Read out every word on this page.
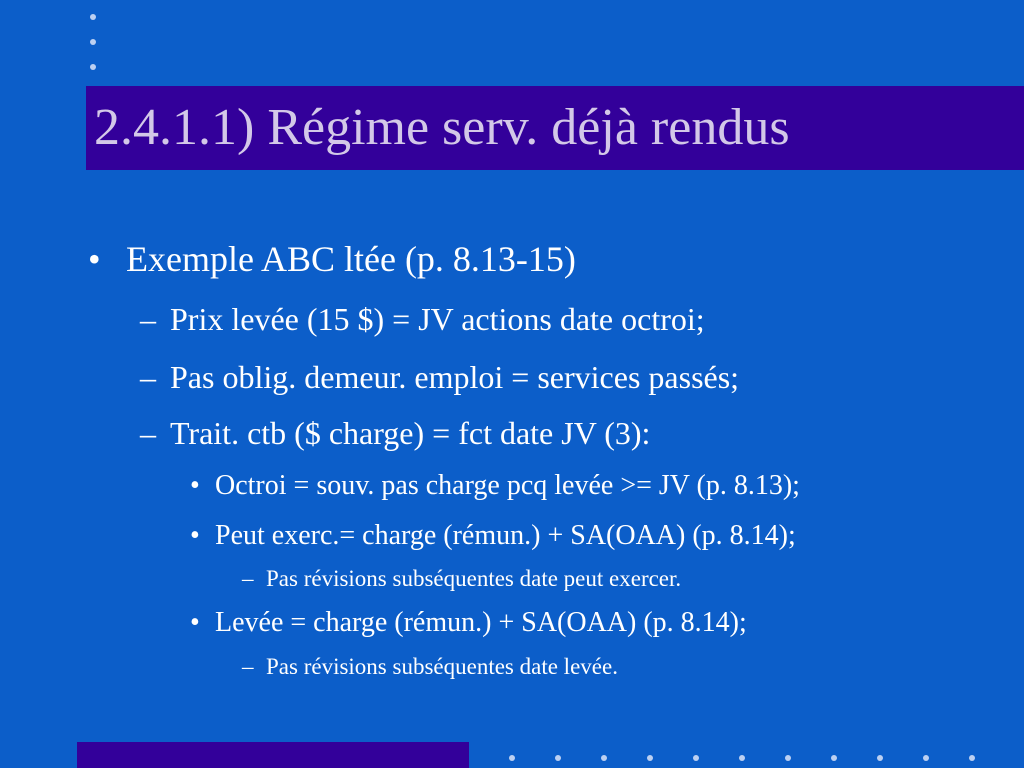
2.4.1.1) Régime serv. déjà rendus
• Exemple ABC ltée (p. 8.13-15)
– Prix levée (15 $) = JV actions date octroi;
– Pas oblig. demeur. emploi = services passés;
– Trait. ctb ($ charge) = fct date JV (3):
• Octroi = souv. pas charge pcq levée >= JV (p. 8.13);
• Peut exerc.= charge (rémun.) + SA(OAA) (p. 8.14);
– Pas révisions subséquentes date peut exercer.
• Levée = charge (rémun.) + SA(OAA) (p. 8.14);
– Pas révisions subséquentes date levée.
